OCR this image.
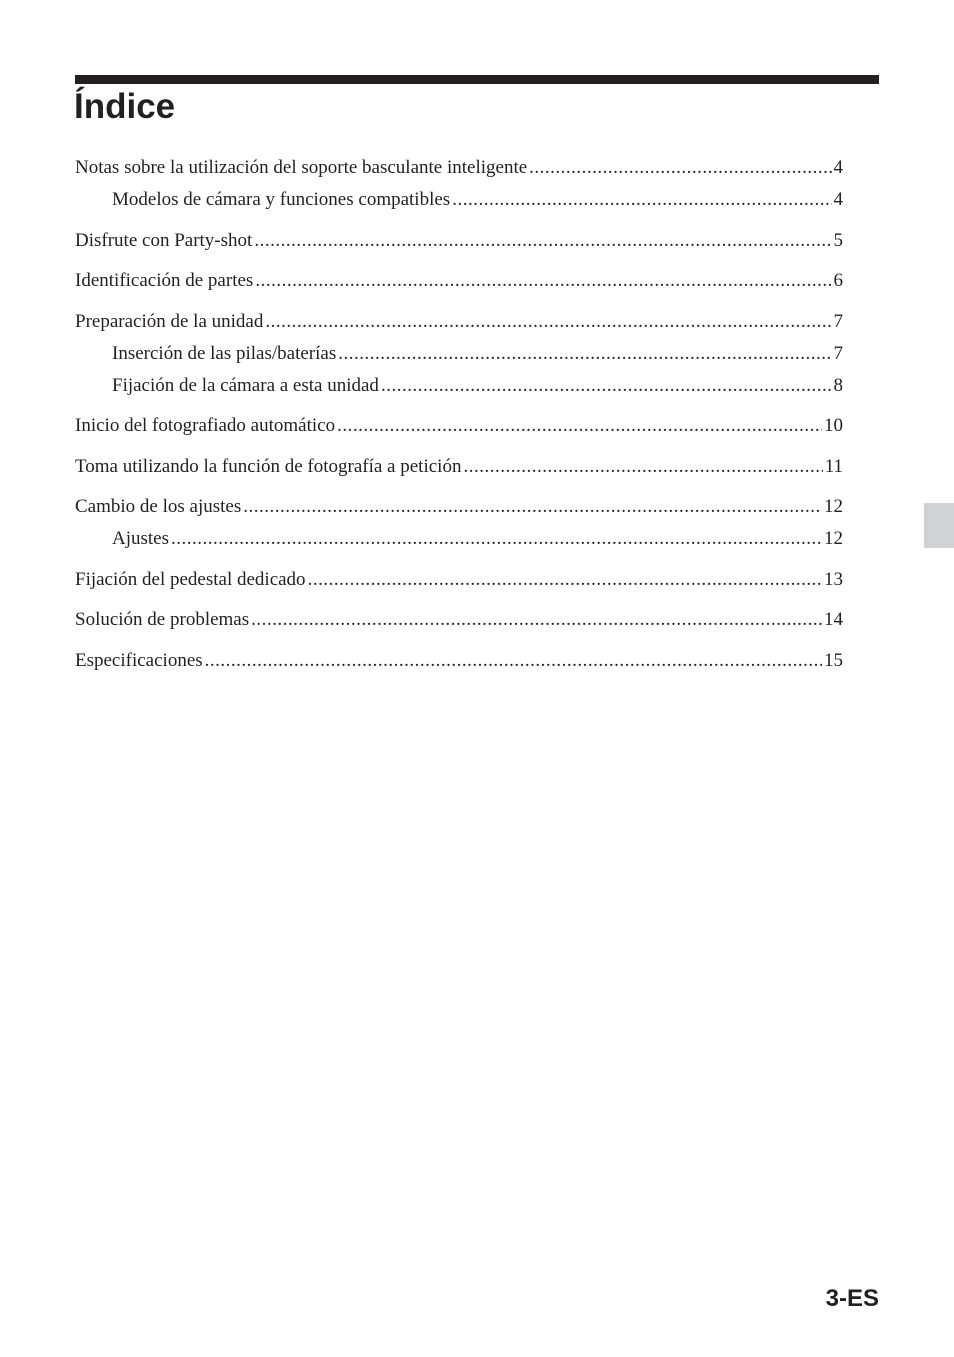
Índice
Notas sobre la utilización del soporte basculante inteligente .....	4
Modelos de cámara y funciones compatibles .....	4
Disfrute con Party-shot .....	5
Identificación de partes .....	6
Preparación de la unidad .....	7
Inserción de las pilas/baterías .....	7
Fijación de la cámara a esta unidad .....	8
Inicio del fotografiado automático .....	10
Toma utilizando la función de fotografía a petición .....	11
Cambio de los ajustes .....	12
Ajustes .....	12
Fijación del pedestal dedicado .....	13
Solución de problemas .....	14
Especificaciones .....	15
3-ES
